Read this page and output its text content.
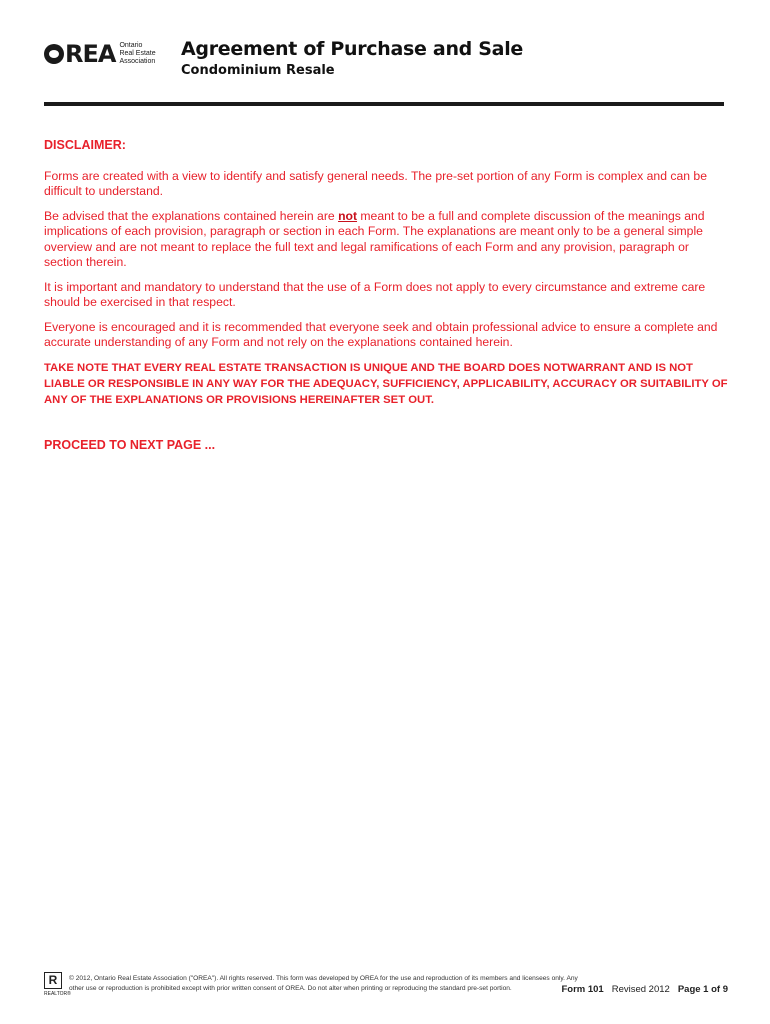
REA Ontario
Real Estate
Association
Agreement of Purchase and Sale
Condominium Resale

DISCLAIMER:

Forms are created with a view to identify and satisfy general needs. The pre-set portion of any Form is complex and can be difficult to understand.

Be advised that the explanations contained herein are not meant to be a full and complete discussion of the meanings and implications of each provision, paragraph or section in each Form. The explanations are meant only to be a general simple overview and are not meant to replace the full text and legal ramifications of each Form and any provision, paragraph or section therein.

It is important and mandatory to understand that the use of a Form does not apply to every circumstance and extreme care should be exercised in that respect.

Everyone is encouraged and it is recommended that everyone seek and obtain professional advice to ensure a complete and accurate understanding of any Form and not rely on the explanations contained herein.

TAKE NOTE THAT EVERY REAL ESTATE TRANSACTION IS UNIQUE AND THE BOARD DOES NOTWARRANT AND IS NOT LIABLE OR RESPONSIBLE IN ANY WAY FOR THE ADEQUACY, SUFFICIENCY, APPLICABILITY, ACCURACY OR SUITABILITY OF ANY OF THE EXPLANATIONS OR PROVISIONS HEREINAFTER SET OUT.

PROCEED TO NEXT PAGE ...

R
REALTOR®
© 2012, Ontario Real Estate Association ("OREA"). All rights reserved. This form was developed by OREA for the use and reproduction of its members and licensees only. Any other use or reproduction is prohibited except with prior written consent of OREA. Do not alter when printing or reproducing the standard pre-set portion.	Form 101 Revised 2012 Page 1 of 9
